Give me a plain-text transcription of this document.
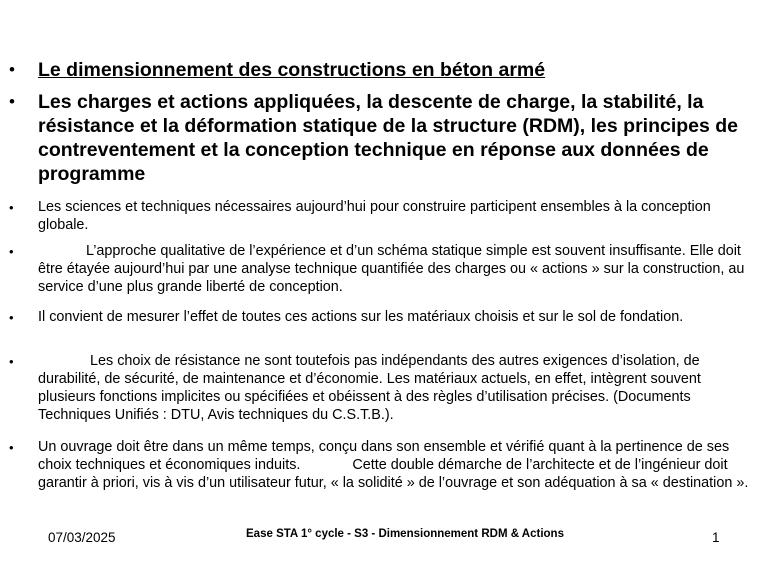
• Le dimensionnement des constructions en béton armé
• Les charges et actions appliquées, la descente de charge, la stabilité, la résistance et la déformation statique de la structure (RDM), les principes de contreventement et la conception technique en réponse aux données de programme
• Les sciences et techniques nécessaires aujourd’hui pour construire participent ensembles à la conception globale.
•	L’approche qualitative de l’expérience et d’un schéma statique simple est souvent insuffisante. Elle doit être étayée aujourd’hui par une analyse technique quantifiée des charges ou « actions » sur la construction, au service d’une plus grande liberté de conception.
• Il convient de mesurer l’effet de toutes ces actions sur les matériaux choisis et sur le sol de fondation.
•	Les choix de résistance ne sont toutefois pas indépendants des autres exigences d’isolation, de durabilité, de sécurité, de maintenance et d’économie. Les matériaux actuels, en effet, intègrent souvent plusieurs fonctions implicites ou spécifiées et obéissent à des règles d’utilisation précises. (Documents Techniques Unifiés : DTU, Avis techniques du C.S.T.B.).
• Un ouvrage doit être dans un même temps, conçu dans son ensemble et vérifié quant à la pertinence de ses choix techniques et économiques induits.	Cette double démarche de l’architecte et de l’ingénieur doit garantir à priori, vis à vis d’un utilisateur futur, « la solidité » de l’ouvrage et son adéquation à sa « destination ».
07/03/2025	Ease STA 1° cycle - S3 - Dimensionnement RDM & Actions	1
